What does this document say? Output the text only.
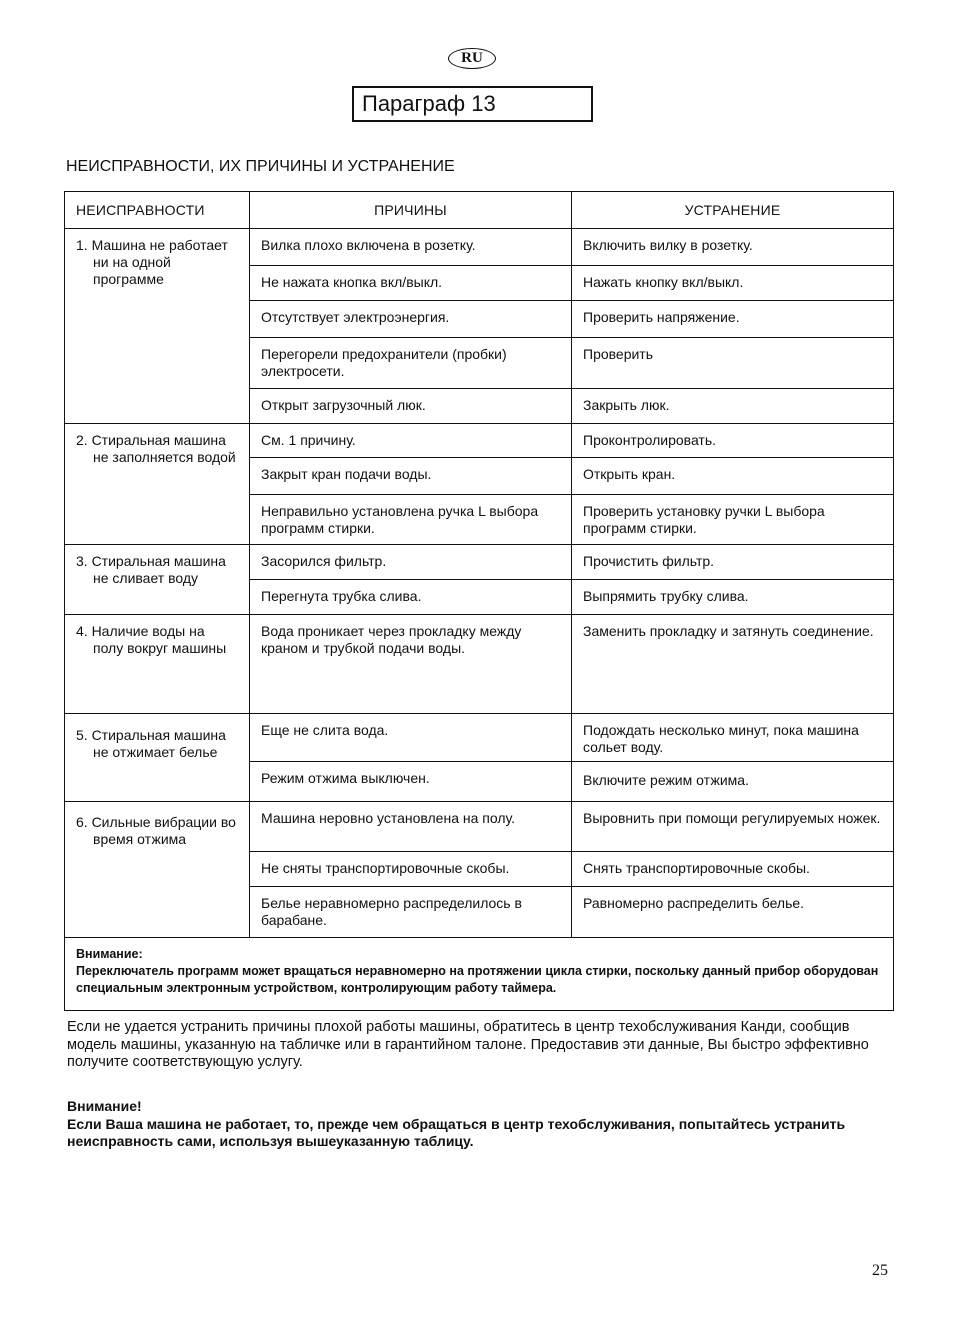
RU
Параграф 13
НЕИСПРАВНОСТИ, ИХ ПРИЧИНЫ И УСТРАНЕНИЕ
НЕИСПРАВНОСТИ	ПРИЧИНЫ	УСТРАНЕНИЕ

1. Машина не работает ни на одной программе	Вилка плохо включена в розетку.	Включить вилку в розетку.
	Не нажата кнопка вкл/выкл.	Нажать кнопку вкл/выкл.
	Отсутствует электроэнергия.	Проверить напряжение.
	Перегорели предохранители (пробки) электросети.	Проверить
	Открыт загрузочный люк.	Закрыть люк.

2. Стиральная машина не заполняется водой	См. 1 причину.	Проконтролировать.
	Закрыт кран подачи воды.	Открыть кран.
	Неправильно установлена ручка L выбора программ стирки.	Проверить установку ручки L выбора программ стирки.

3. Стиральная машина не сливает воду	Засорился фильтр.	Прочистить фильтр.
	Перегнута трубка слива.	Выпрямить трубку слива.

4. Наличие воды на полу вокруг машины	Вода проникает через прокладку между краном и трубкой подачи воды.	Заменить прокладку и затянуть соединение.

5. Стиральная машина не отжимает белье	Еще не слита вода.	Подождать несколько минут, пока машина сольет воду.
	Режим отжима выключен.	Включите режим отжима.

6. Сильные вибрации во время отжима	Машина неровно установлена на полу.	Выровнить при помощи регулируемых ножек.
	Не сняты транспортировочные скобы.	Снять транспортировочные скобы.
	Белье неравномерно распределилось в барабане.	Равномерно распределить белье.

Внимание:
Переключатель программ может вращаться неравномерно на протяжении цикла стирки, поскольку данный прибор оборудован специальным электронным устройством, контролирующим работу таймера.		
Если не удается устранить причины плохой работы машины, обратитесь в центр техобслуживания Канди, сообщив модель машины, указанную на табличке или в гарантийном талоне. Предоставив эти данные, Вы быстро эффективно получите соответствующую услугу.
Внимание!
Если Ваша машина не работает, то, прежде чем обращаться в центр техобслуживания, попытайтесь устранить неисправность сами, используя вышеуказанную таблицу.
25
